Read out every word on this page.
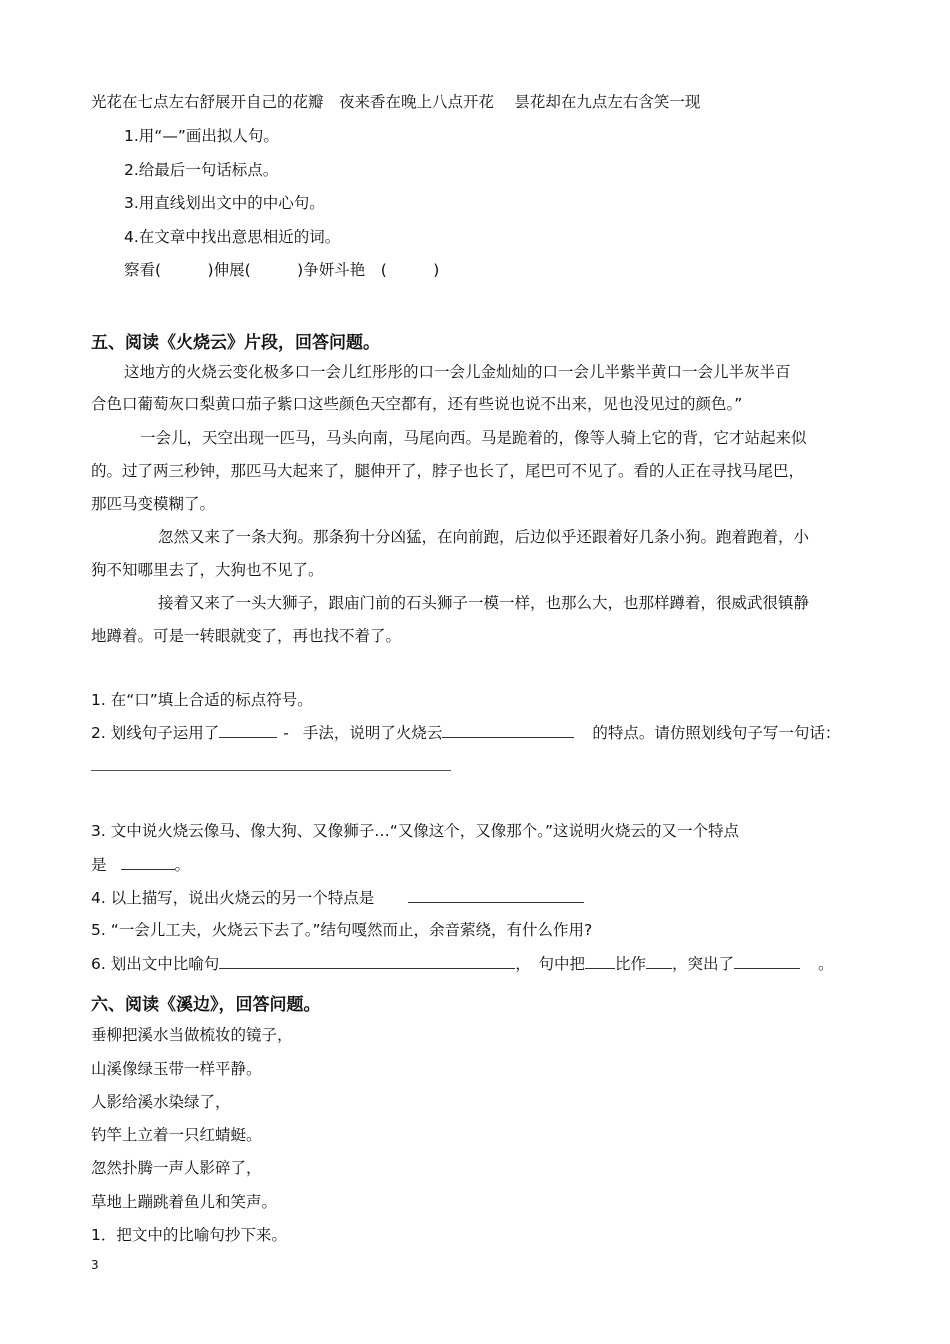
光花在七点左右舒展开自己的花瓣　夜来香在晚上八点开花　 昙花却在九点左右含笑一现
1.用“—”画出拟人句。
2.给最后一句话标点。
3.用直线划出文中的中心句。
4.在文章中找出意思相近的词。
察看(　　　)伸展(　　　)争妍斗艳　(　　　)
五、阅读《火烧云》片段，回答问题。
这地方的火烧云变化极多口一会儿红彤彤的口一会儿金灿灿的口一会儿半紫半黄口一会儿半灰半百
合色口葡萄灰口梨黄口茄子紫口这些颜色天空都有，还有些说也说不出来，见也没见过的颜色。”
一会儿，天空出现一匹马，马头向南，马尾向西。马是跪着的，像等人骑上它的背，它才站起来似
的。过了两三秒钟，那匹马大起来了，腿伸开了，脖子也长了，尾巴可不见了。看的人正在寻找马尾巴，
那匹马变模糊了。
忽然又来了一条大狗。那条狗十分凶猛，在向前跑，后边似乎还跟着好几条小狗。跑着跑着，小
狗不知哪里去了，大狗也不见了。
接着又来了一头大狮子，跟庙门前的石头狮子一模一样，也那么大，也那样蹲着，很威武很镇静
地蹲着。可是一转眼就变了，再也找不着了。
1. 在“口”填上合适的标点符号。
2. 划线句子运用了	- 手法，说明了火烧云	的特点。请仿照划线句子写一句话：
3. 文中说火烧云像马、像大狗、又像狮子…“又像这个，又像那个。”这说明火烧云的又一个特点
是	。
4. 以上描写，说出火烧云的另一个特点是
5. “一会儿工夫，火烧云下去了。”结句嘎然而止，余音萦绕，有什么作用?
6. 划出文中比喻句	，　句中把 比作 ，突出了	。
六、阅读《溪边》，回答问题。
垂柳把溪水当做梳妆的镜子，
山溪像绿玉带一样平静。
人影给溪水染绿了，
钓竿上立着一只红蜻蜓。
忽然扑腾一声人影碎了，
草地上蹦跳着鱼儿和笑声。
1．把文中的比喻句抄下来。
3
